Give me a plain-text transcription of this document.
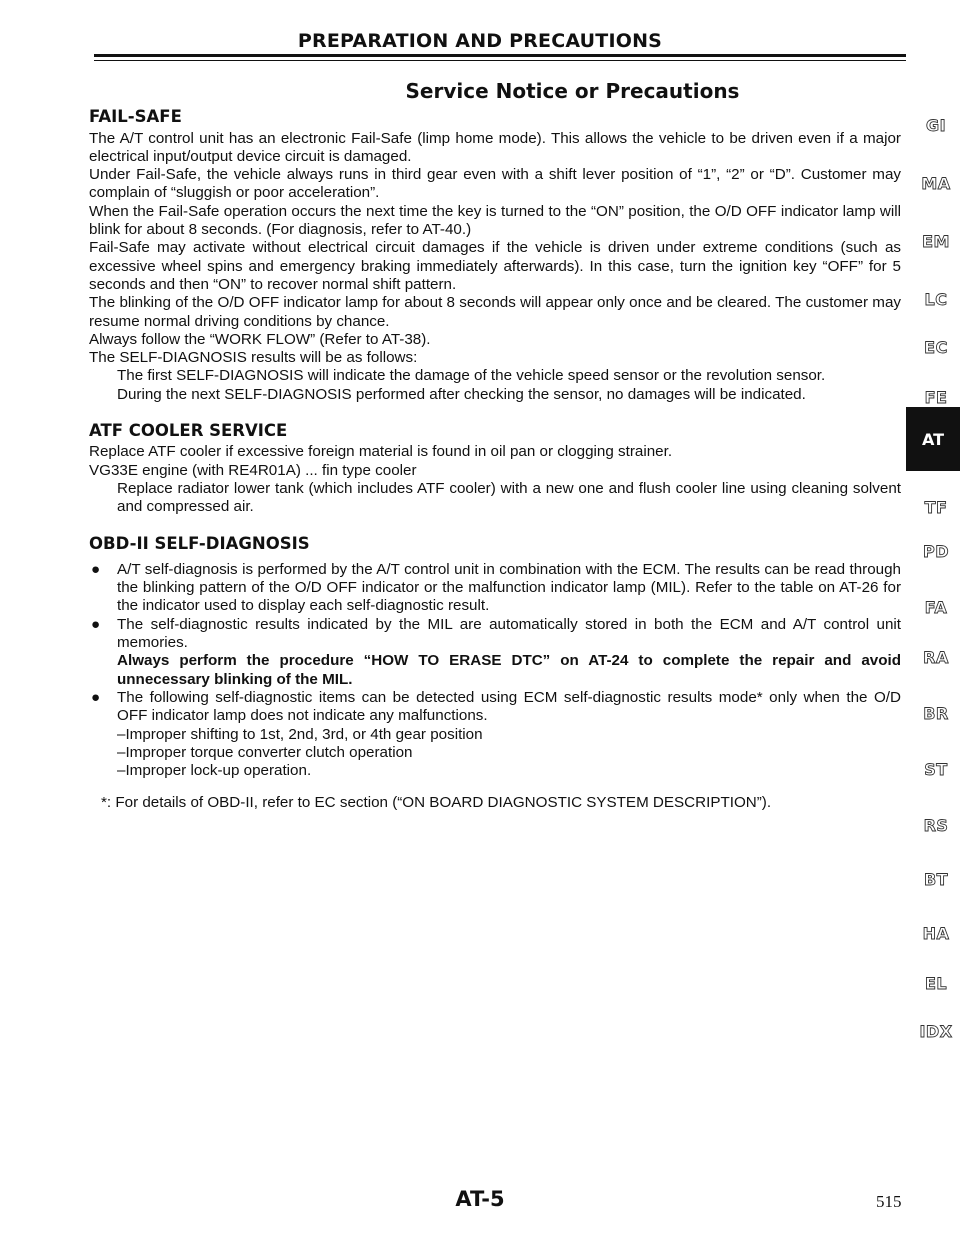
PREPARATION AND PRECAUTIONS
Service Notice or Precautions
FAIL-SAFE

The A/T control unit has an electronic Fail-Safe (limp home mode). This allows the vehicle to be driven even if a major electrical input/output device circuit is damaged.

Under Fail-Safe, the vehicle always runs in third gear even with a shift lever position of “1”, “2” or “D”. Customer may complain of “sluggish or poor acceleration”.

When the Fail-Safe operation occurs the next time the key is turned to the “ON” position, the O/D OFF indicator lamp will blink for about 8 seconds. (For diagnosis, refer to AT-40.)

Fail-Safe may activate without electrical circuit damages if the vehicle is driven under extreme conditions (such as excessive wheel spins and emergency braking immediately afterwards). In this case, turn the ignition key “OFF” for 5 seconds and then “ON” to recover normal shift pattern.

The blinking of the O/D OFF indicator lamp for about 8 seconds will appear only once and be cleared. The customer may resume normal driving conditions by chance.

Always follow the “WORK FLOW” (Refer to AT-38).

The SELF-DIAGNOSIS results will be as follows:

The first SELF-DIAGNOSIS will indicate the damage of the vehicle speed sensor or the revolution sensor.

During the next SELF-DIAGNOSIS performed after checking the sensor, no damages will be indicated.

ATF COOLER SERVICE

Replace ATF cooler if excessive foreign material is found in oil pan or clogging strainer.

VG33E engine (with RE4R01A) ... fin type cooler

Replace radiator lower tank (which includes ATF cooler) with a new one and flush cooler line using cleaning solvent and compressed air.

OBD-II SELF-DIAGNOSIS
● A/T self-diagnosis is performed by the A/T control unit in combination with the ECM. The results can be read through the blinking pattern of the O/D OFF indicator or the malfunction indicator lamp (MIL). Refer to the table on AT-26 for the indicator used to display each self-diagnostic result.
● The self-diagnostic results indicated by the MIL are automatically stored in both the ECM and A/T control unit memories.
Always perform the procedure “HOW TO ERASE DTC” on AT-24 to complete the repair and avoid unnecessary blinking of the MIL.
● The following self-diagnostic items can be detected using ECM self-diagnostic results mode* only when the O/D OFF indicator lamp does not indicate any malfunctions.
–Improper shifting to 1st, 2nd, 3rd, or 4th gear position
–Improper torque converter clutch operation
–Improper lock-up operation.
*: For details of OBD-II, refer to EC section (“ON BOARD DIAGNOSTIC SYSTEM DESCRIPTION”).
GI
MA
EM
LC
EC
FE
AT
TF
PD
FA
RA
BR
ST
RS
BT
HA
EL
IDX
AT-5	515
